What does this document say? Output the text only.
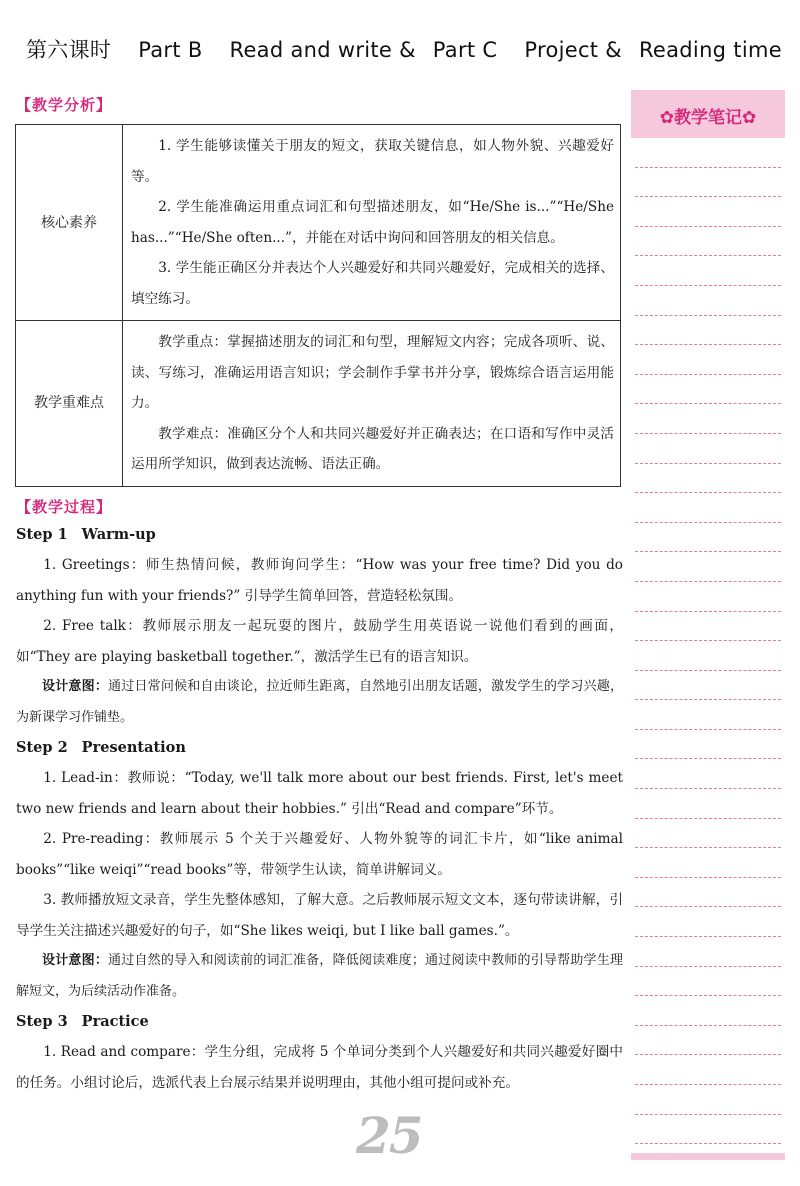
第六课时 Part B Read and write & Part C Project & Reading time
【教学分析】
核心素养	1. 学生能够读懂关于朋友的短文，获取关键信息，如人物外貌、兴趣爱好等。

2. 学生能准确运用重点词汇和句型描述朋友，如“He/She is...”“He/She has...”“He/She often...”，并能在对话中询问和回答朋友的相关信息。

3. 学生能正确区分并表达个人兴趣爱好和共同兴趣爱好，完成相关的选择、填空练习。

教学重难点	教学重点：掌握描述朋友的词汇和句型，理解短文内容；完成各项听、说、读、写练习，准确运用语言知识；学会制作手掌书并分享，锻炼综合语言运用能力。

教学难点：准确区分个人和共同兴趣爱好并正确表达；在口语和写作中灵活运用所学知识，做到表达流畅、语法正确。

【教学过程】
Step 1 Warm-up

1. Greetings：师生热情问候，教师询问学生：“How was your free time? Did you do anything fun with your friends?” 引导学生简单回答，营造轻松氛围。

2. Free talk：教师展示朋友一起玩耍的图片，鼓励学生用英语说一说他们看到的画面，如“They are playing basketball together.”，激活学生已有的语言知识。

设计意图：通过日常问候和自由谈论，拉近师生距离，自然地引出朋友话题，激发学生的学习兴趣，为新课学习作铺垫。

Step 2 Presentation

1. Lead-in：教师说：“Today, we'll talk more about our best friends. First, let's meet two new friends and learn about their hobbies.” 引出“Read and compare”环节。

2. Pre-reading：教师展示 5 个关于兴趣爱好、人物外貌等的词汇卡片，如“like animal books”“like weiqi”“read books”等，带领学生认读，简单讲解词义。

3. 教师播放短文录音，学生先整体感知，了解大意。之后教师展示短文文本，逐句带读讲解，引导学生关注描述兴趣爱好的句子，如“She likes weiqi, but I like ball games.”。

设计意图：通过自然的导入和阅读前的词汇准备，降低阅读难度；通过阅读中教师的引导帮助学生理解短文，为后续活动作准备。

Step 3 Practice

1. Read and compare：学生分组，完成将 5 个单词分类到个人兴趣爱好和共同兴趣爱好圈中的任务。小组讨论后，选派代表上台展示结果并说明理由，其他小组可提问或补充。

✿教学笔记✿
25
